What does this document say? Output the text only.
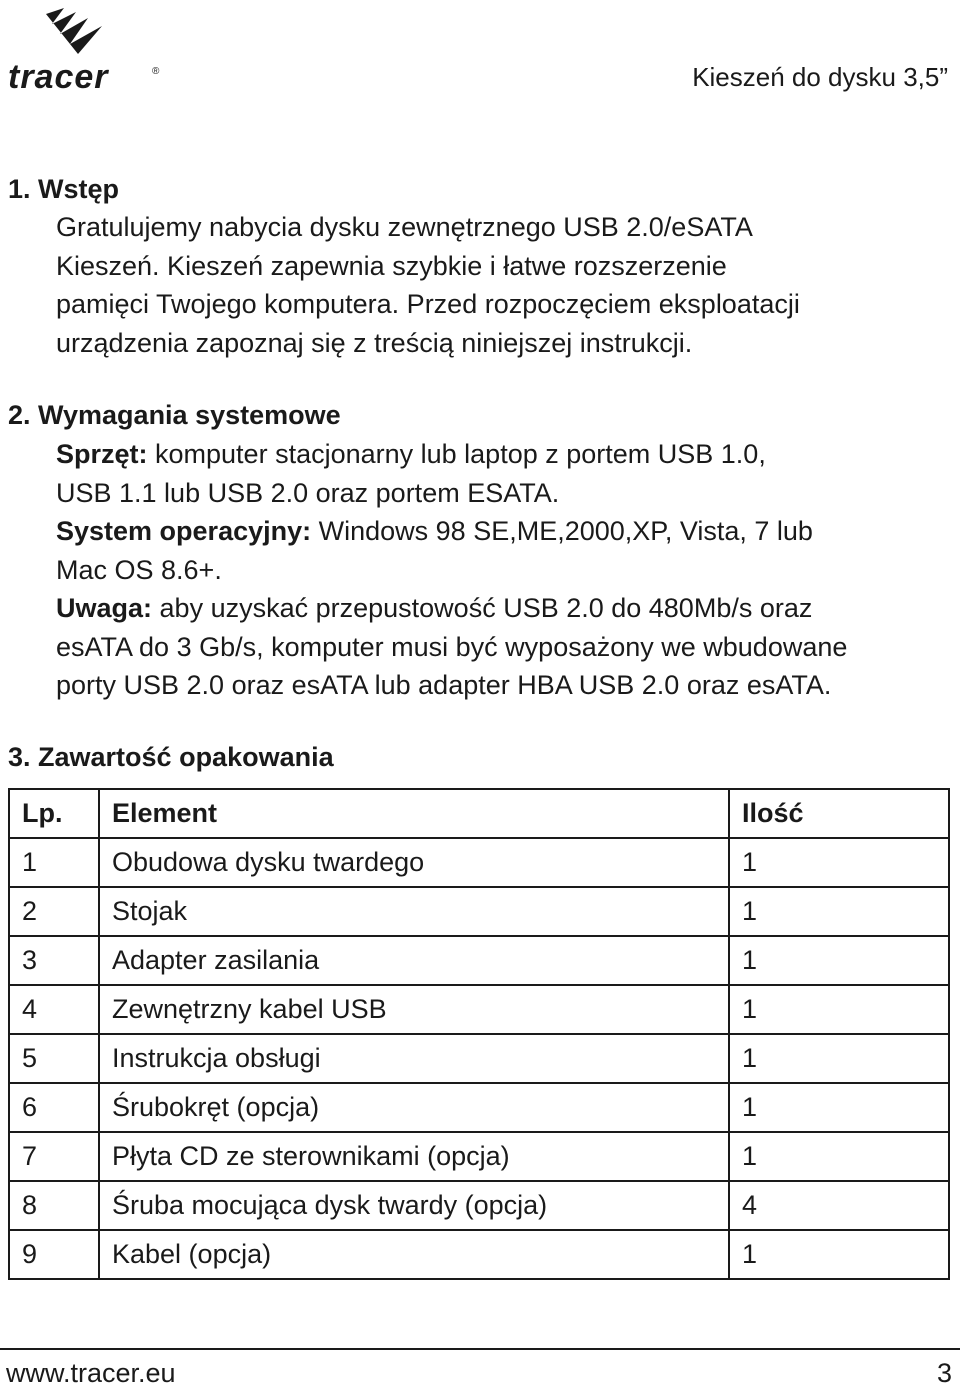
tracer	®	Kieszeń do dysku 3,5”
1. Wstęp
Gratulujemy nabycia dysku zewnętrznego USB 2.0/eSATA
Kieszeń. Kieszeń zapewnia szybkie i łatwe rozszerzenie
pamięci Twojego komputera. Przed rozpoczęciem eksploatacji
urządzenia zapoznaj się z treścią niniejszej instrukcji.
2. Wymagania systemowe
Sprzęt: komputer stacjonarny lub laptop z portem USB 1.0,
USB 1.1 lub USB 2.0 oraz portem ESATA.
System operacyjny: Windows 98 SE,ME,2000,XP, Vista, 7 lub
Mac OS 8.6+.
Uwaga: aby uzyskać przepustowość USB 2.0 do 480Mb/s oraz
esATA do 3 Gb/s, komputer musi być wyposażony we wbudowane
porty USB 2.0 oraz esATA lub adapter HBA USB 2.0 oraz esATA.
3. Zawartość opakowania
Lp.	Element	Ilość
1	Obudowa dysku twardego	1
2	Stojak	1
3	Adapter zasilania	1
4	Zewnętrzny kabel USB	1
5	Instrukcja obsługi	1
6	Śrubokręt (opcja)	1
7	Płyta CD ze sterownikami (opcja)	1
8	Śruba mocująca dysk twardy (opcja)	4
9	Kabel (opcja)	1
www.tracer.eu	3
